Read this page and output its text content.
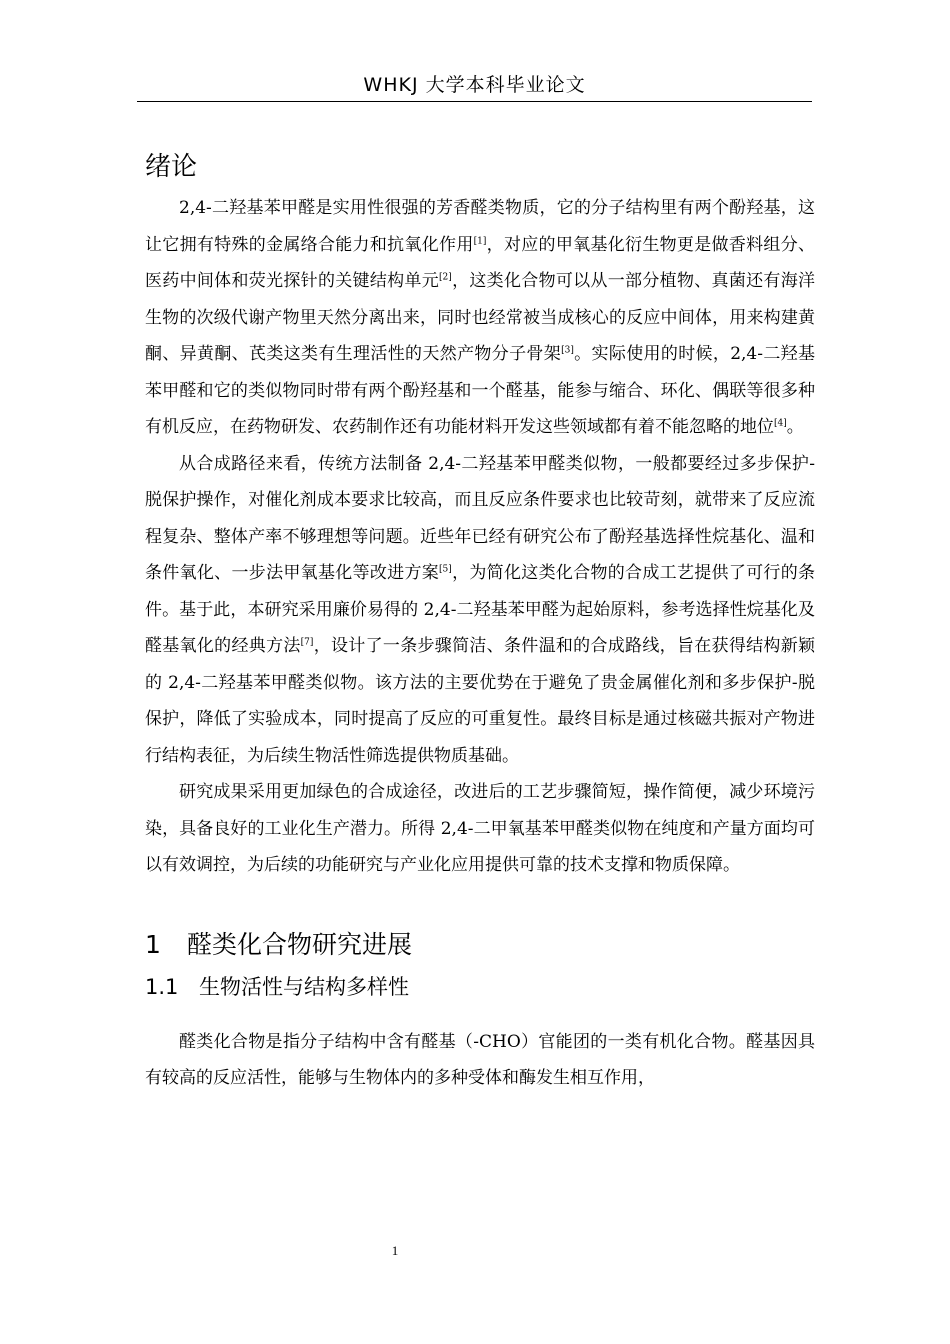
WHKJ 大学本科毕业论文
绪论

2,4-二羟基苯甲醛是实用性很强的芳香醛类物质，它的分子结构里有两个酚羟基，这让它拥有特殊的金属络合能力和抗氧化作用[1]，对应的甲氧基化衍生物更是做香料组分、医药中间体和荧光探针的关键结构单元[2]，这类化合物可以从一部分植物、真菌还有海洋生物的次级代谢产物里天然分离出来，同时也经常被当成核心的反应中间体，用来构建黄酮、异黄酮、芪类这类有生理活性的天然产物分子骨架[3]。实际使用的时候，2,4-二羟基苯甲醛和它的类似物同时带有两个酚羟基和一个醛基，能参与缩合、环化、偶联等很多种有机反应，在药物研发、农药制作还有功能材料开发这些领域都有着不能忽略的地位[4]。

从合成路径来看，传统方法制备 2,4-二羟基苯甲醛类似物，一般都要经过多步保护-脱保护操作，对催化剂成本要求比较高，而且反应条件要求也比较苛刻，就带来了反应流程复杂、整体产率不够理想等问题。近些年已经有研究公布了酚羟基选择性烷基化、温和条件氧化、一步法甲氧基化等改进方案[5]，为简化这类化合物的合成工艺提供了可行的条件。基于此，本研究采用廉价易得的 2,4-二羟基苯甲醛为起始原料，参考选择性烷基化及醛基氧化的经典方法[7]，设计了一条步骤简洁、条件温和的合成路线，旨在获得结构新颖的 2,4-二羟基苯甲醛类似物。该方法的主要优势在于避免了贵金属催化剂和多步保护-脱保护，降低了实验成本，同时提高了反应的可重复性。最终目标是通过核磁共振对产物进行结构表征，为后续生物活性筛选提供物质基础。

研究成果采用更加绿色的合成途径，改进后的工艺步骤简短，操作简便，减少环境污染，具备良好的工业化生产潜力。所得 2,4-二甲氧基苯甲醛类似物在纯度和产量方面均可以有效调控，为后续的功能研究与产业化应用提供可靠的技术支撑和物质保障。

1 醛类化合物研究进展
1.1 生物活性与结构多样性

醛类化合物是指分子结构中含有醛基（-CHO）官能团的一类有机化合物。醛基因具有较高的反应活性，能够与生物体内的多种受体和酶发生相互作用，

1
